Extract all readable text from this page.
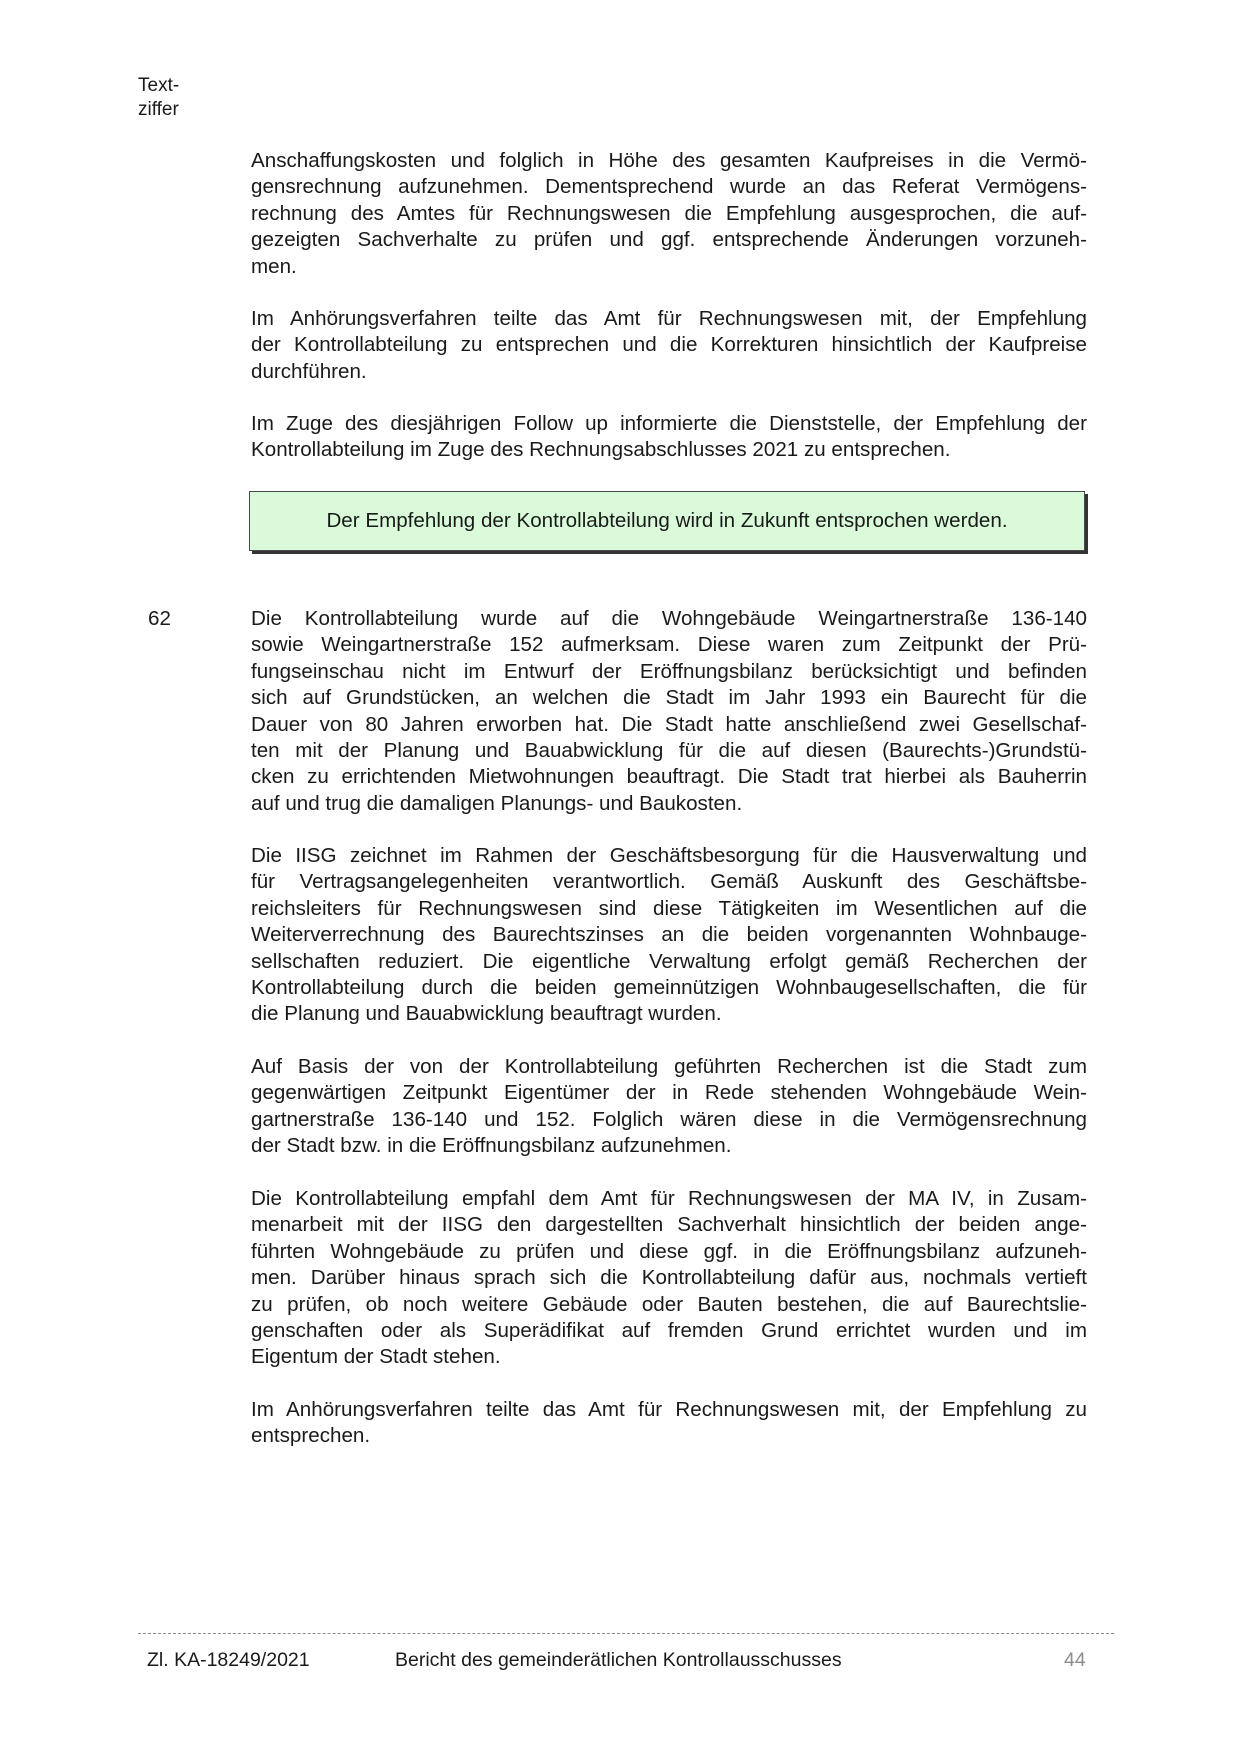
Text-
ziffer
Anschaffungskosten und folglich in Höhe des gesamten Kaufpreises in die Vermö-
gensrechnung aufzunehmen. Dementsprechend wurde an das Referat Vermögens-
rechnung des Amtes für Rechnungswesen die Empfehlung ausgesprochen, die auf-
gezeigten Sachverhalte zu prüfen und ggf. entsprechende Änderungen vorzuneh-
men.
Im Anhörungsverfahren teilte das Amt für Rechnungswesen mit, der Empfehlung
der Kontrollabteilung zu entsprechen und die Korrekturen hinsichtlich der Kaufpreise
durchführen.
Im Zuge des diesjährigen Follow up informierte die Dienststelle, der Empfehlung der
Kontrollabteilung im Zuge des Rechnungsabschlusses 2021 zu entsprechen.
Der Empfehlung der Kontrollabteilung wird in Zukunft entsprochen werden.
62	Die Kontrollabteilung wurde auf die Wohngebäude Weingartnerstraße 136-140
sowie Weingartnerstraße 152 aufmerksam. Diese waren zum Zeitpunkt der Prü-
fungseinschau nicht im Entwurf der Eröffnungsbilanz berücksichtigt und befinden
sich auf Grundstücken, an welchen die Stadt im Jahr 1993 ein Baurecht für die
Dauer von 80 Jahren erworben hat. Die Stadt hatte anschließend zwei Gesellschaf-
ten mit der Planung und Bauabwicklung für die auf diesen (Baurechts-)Grundstü-
cken zu errichtenden Mietwohnungen beauftragt. Die Stadt trat hierbei als Bauherrin
auf und trug die damaligen Planungs- und Baukosten.
Die IISG zeichnet im Rahmen der Geschäftsbesorgung für die Hausverwaltung und
für Vertragsangelegenheiten verantwortlich. Gemäß Auskunft des Geschäftsbe-
reichsleiters für Rechnungswesen sind diese Tätigkeiten im Wesentlichen auf die
Weiterverrechnung des Baurechtszinses an die beiden vorgenannten Wohnbauge-
sellschaften reduziert. Die eigentliche Verwaltung erfolgt gemäß Recherchen der
Kontrollabteilung durch die beiden gemeinnützigen Wohnbaugesellschaften, die für
die Planung und Bauabwicklung beauftragt wurden.
Auf Basis der von der Kontrollabteilung geführten Recherchen ist die Stadt zum
gegenwärtigen Zeitpunkt Eigentümer der in Rede stehenden Wohngebäude Wein-
gartnerstraße 136-140 und 152. Folglich wären diese in die Vermögensrechnung
der Stadt bzw. in die Eröffnungsbilanz aufzunehmen.
Die Kontrollabteilung empfahl dem Amt für Rechnungswesen der MA IV, in Zusam-
menarbeit mit der IISG den dargestellten Sachverhalt hinsichtlich der beiden ange-
führten Wohngebäude zu prüfen und diese ggf. in die Eröffnungsbilanz aufzuneh-
men. Darüber hinaus sprach sich die Kontrollabteilung dafür aus, nochmals vertieft
zu prüfen, ob noch weitere Gebäude oder Bauten bestehen, die auf Baurechtslie-
genschaften oder als Superädifikat auf fremden Grund errichtet wurden und im
Eigentum der Stadt stehen.
Im Anhörungsverfahren teilte das Amt für Rechnungswesen mit, der Empfehlung zu
entsprechen.
Zl. KA-18249/2021	Bericht des gemeinderätlichen Kontrollausschusses	44
